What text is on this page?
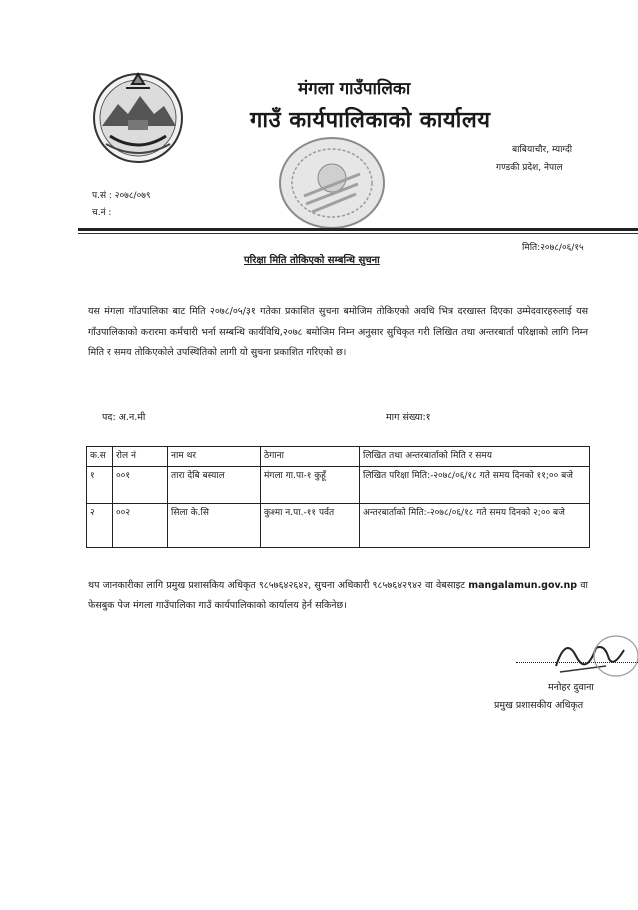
मंगला गाउँपालिका
गाउँ कार्यपालिकाको कार्यालय
बाबियाचौर, म्याग्दी
गण्डकी प्रदेश, नेपाल
प.सं : २०७८/०७९
च.नं :
मिति:२०७८/०६/१५
परिक्षा मिति तोकिएको सम्बन्धि सुचना
यस मंगला गाँउपालिका बाट मिति २०७८/०५/३१ गतेका प्रकाशित सुचना बमोजिम तोकिएको अवधि भित्र दरखास्त दिएका उम्मेदवारहरुलाई यस गाँउपालिकाको करारमा कर्मचारी भर्ना सम्बन्धि कार्यविधि,२०७८ बमोजिम निम्न अनुसार सुचिकृत गरी लिखित तथा अन्तरबार्ता परिक्षाको लागि निम्न मिति र समय तोकिएकोले उपस्थितिको लागी यो सुचना प्रकाशित गरिएको छ।
पद: अ.न.मी	माग संख्या:१
क.स	रोल नं	नाम थर	ठेगाना	लिखित तथा अन्तरबार्ताको मिति र समय
१	००१	तारा देबि बस्याल	मंगला गा.पा-१ कुहूँ	लिखित परिक्षा मिति:-२०७८/०६/१८ गते समय दिनको ११;०० बजे
२	००२	सिला के.सि	कुश्मा न.पा.-११ पर्वत	अन्तरबार्ताको मिति:-२०७८/०६/१८ गते समय दिनको २;०० बजे
थप जानकारीका लागि प्रमुख प्रशासकिय अधिकृत ९८५७६४२६४२, सुचना अधिकारी ९८५७६४२९४२ वा वेबसाइट mangalamun.gov.np वा फेसबुक पेज मंगला गाउँपालिका गाउँ कार्यपालिकाको कार्यालय हेर्न सकिनेछ।
मनोहर दुवाना
प्रमुख प्रशासकीय अधिकृत
